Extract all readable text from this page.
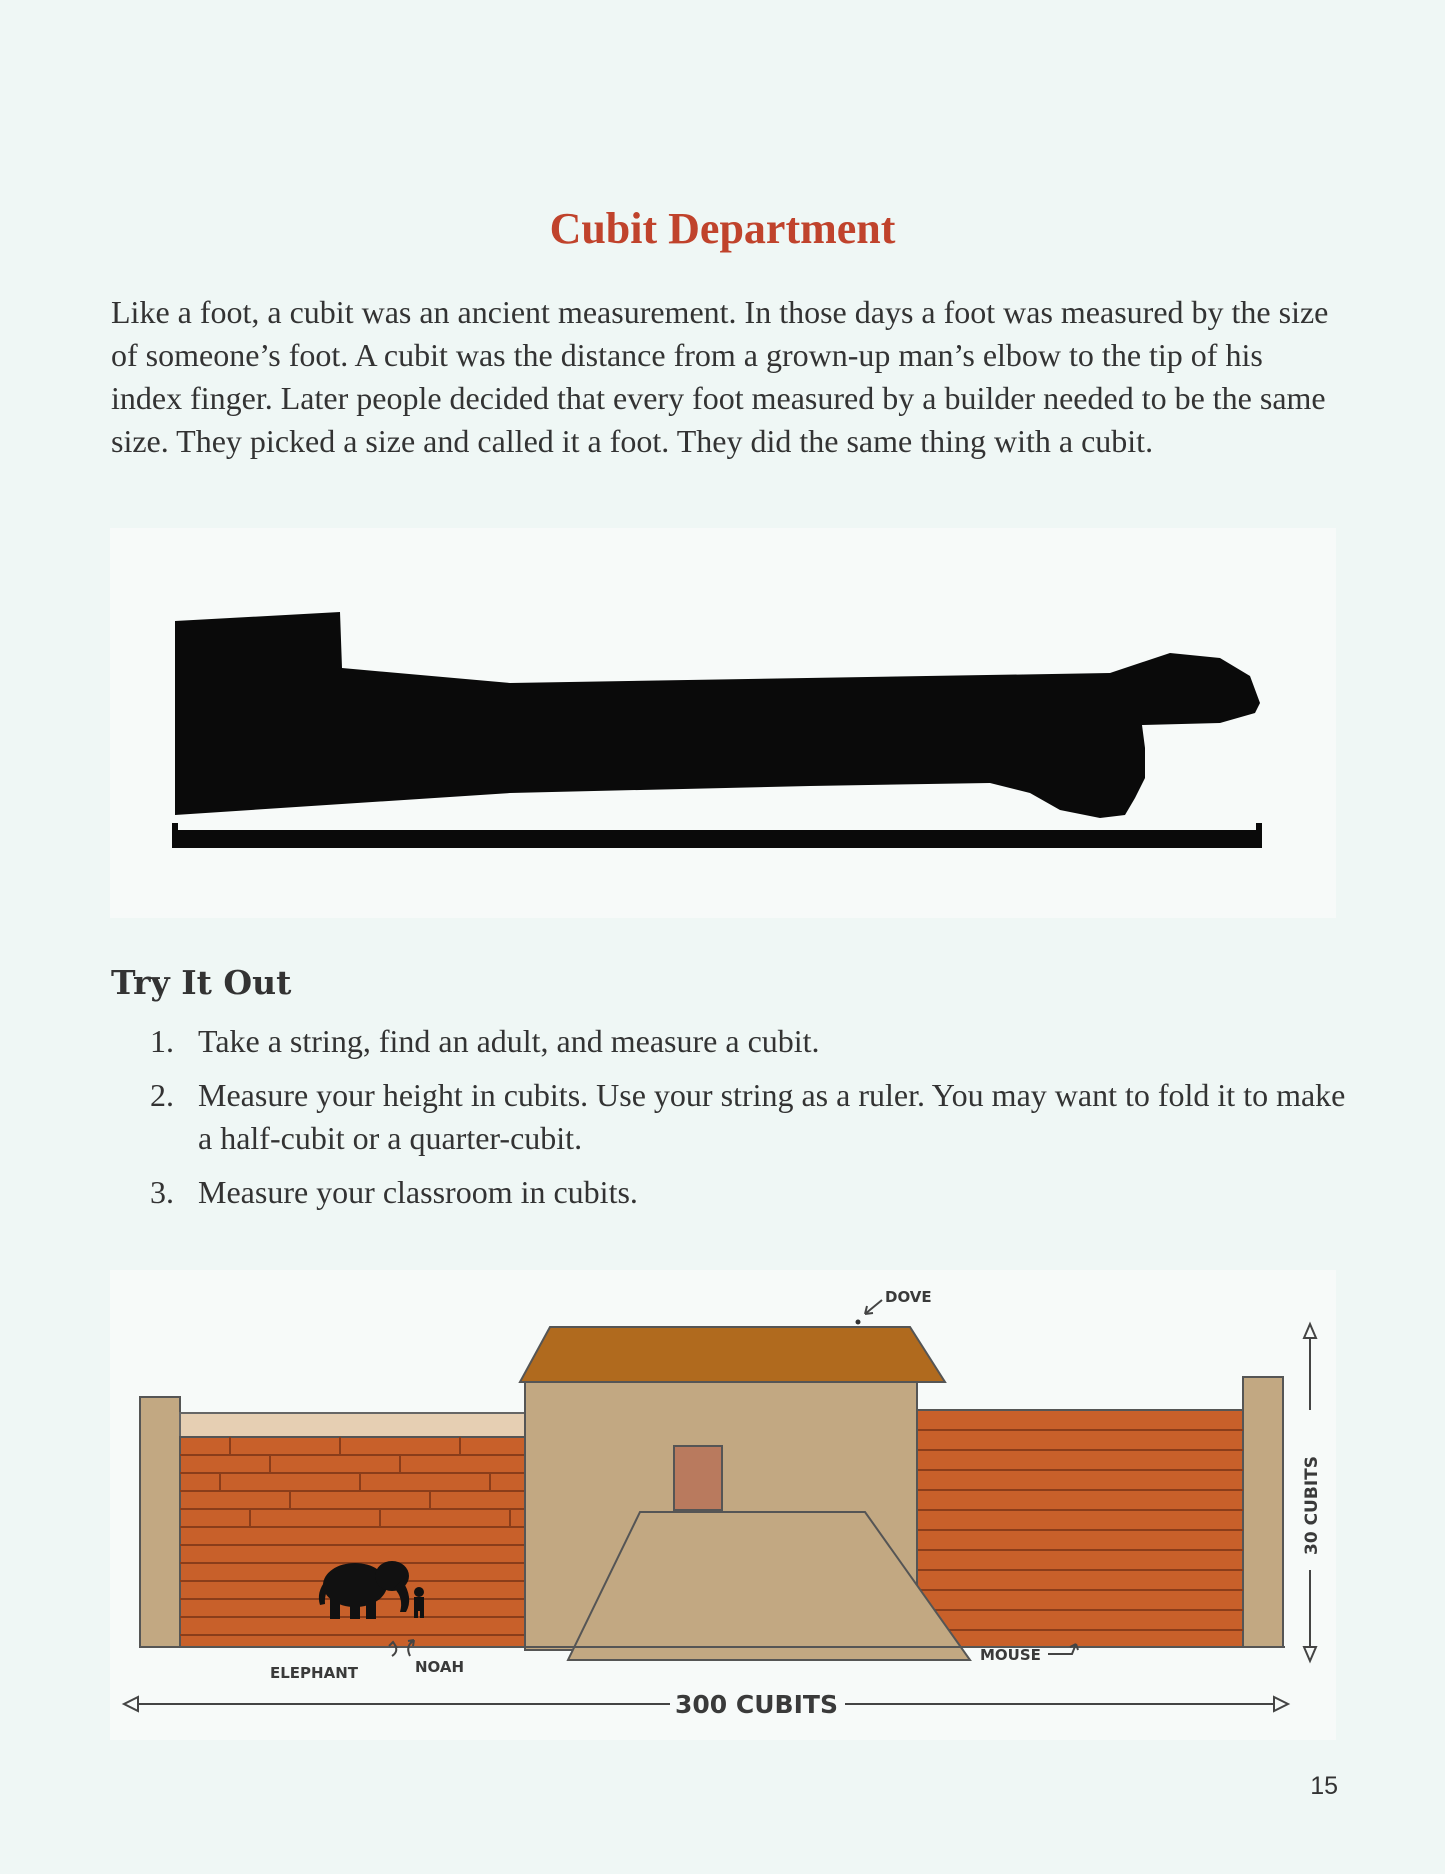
Cubit Department

Like a foot, a cubit was an ancient measurement. In those days a foot was measured by the size of someone’s foot. A cubit was the distance from a grown-up man’s elbow to the tip of his index finger. Later people decided that every foot measured by a builder needed to be the same size. They picked a size and called it a foot. They did the same thing with a cubit.

Try It Out
1. Take a string, find an adult, and measure a cubit.
2. Measure your height in cubits. Use your string as a ruler. You may want to fold it to make a half-cubit or a quarter-cubit.
3. Measure your classroom in cubits.
30 CUBITS
300 CUBITS
DOVE
ELEPHANT	NOAH
MOUSE
15
